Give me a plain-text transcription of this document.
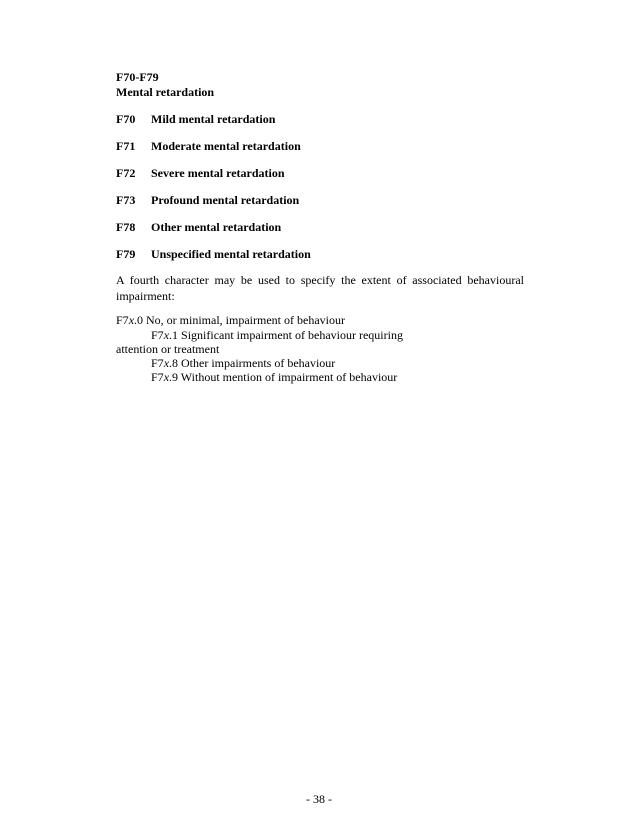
F70-F79
Mental retardation
F70 Mild mental retardation
F71 Moderate mental retardation
F72 Severe mental retardation
F73 Profound mental retardation
F78 Other mental retardation
F79 Unspecified mental retardation
A fourth character may be used to specify the extent of associated behavioural impairment:
F7x.0 No, or minimal, impairment of behaviour
F7x.1 Significant impairment of behaviour requiring
attention or treatment
F7x.8 Other impairments of behaviour
F7x.9 Without mention of impairment of behaviour
- 38 -
